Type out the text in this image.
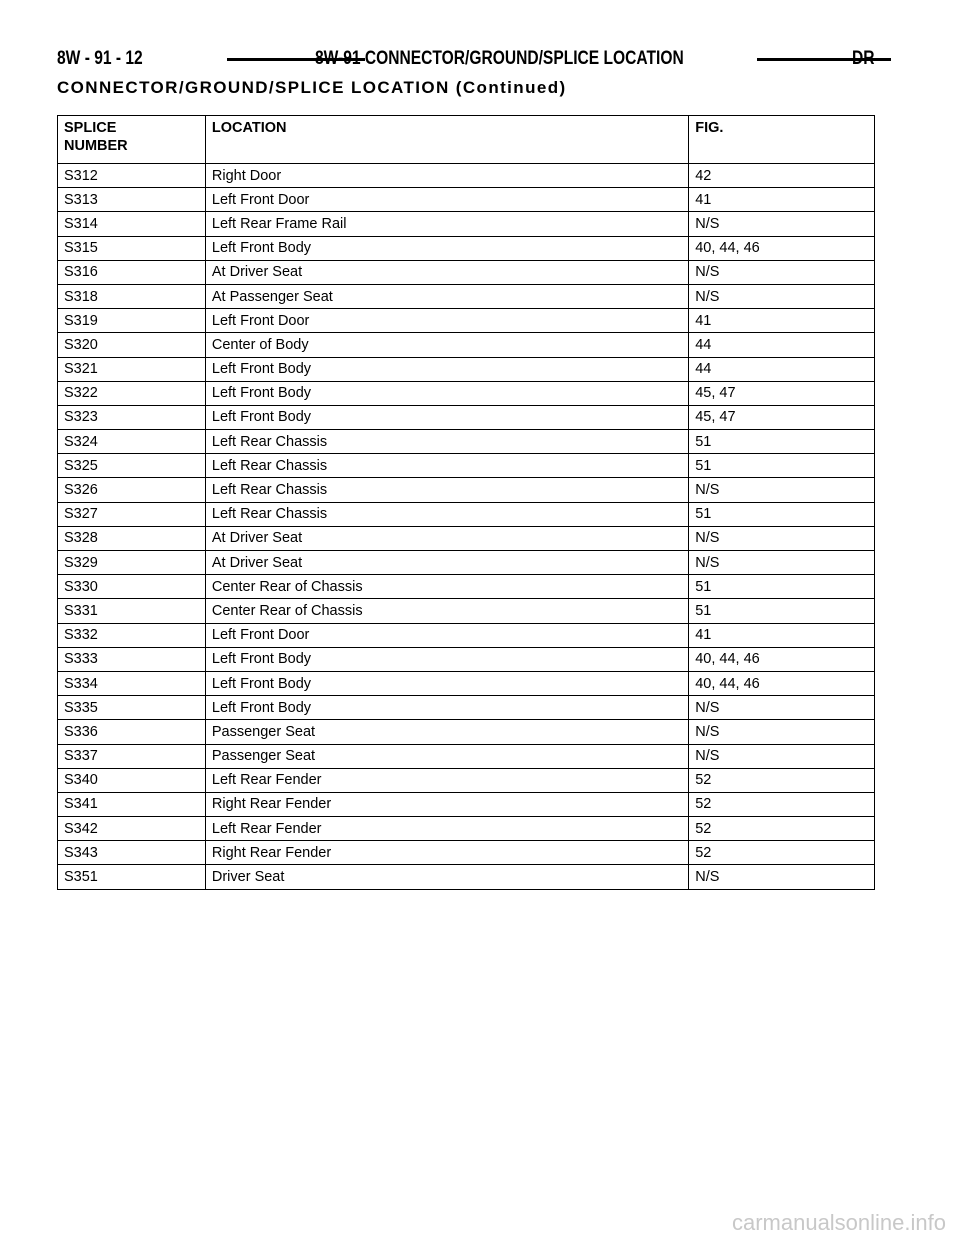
8W - 91 - 12	8W-91 CONNECTOR/GROUND/SPLICE LOCATION	DR
CONNECTOR/GROUND/SPLICE LOCATION (Continued)
SPLICE
NUMBER	LOCATION	FIG.
S312	Right Door	42
S313	Left Front Door	41
S314	Left Rear Frame Rail	N/S
S315	Left Front Body	40, 44, 46
S316	At Driver Seat	N/S
S318	At Passenger Seat	N/S
S319	Left Front Door	41
S320	Center of Body	44
S321	Left Front Body	44
S322	Left Front Body	45, 47
S323	Left Front Body	45, 47
S324	Left Rear Chassis	51
S325	Left Rear Chassis	51
S326	Left Rear Chassis	N/S
S327	Left Rear Chassis	51
S328	At Driver Seat	N/S
S329	At Driver Seat	N/S
S330	Center Rear of Chassis	51
S331	Center Rear of Chassis	51
S332	Left Front Door	41
S333	Left Front Body	40, 44, 46
S334	Left Front Body	40, 44, 46
S335	Left Front Body	N/S
S336	Passenger Seat	N/S
S337	Passenger Seat	N/S
S340	Left Rear Fender	52
S341	Right Rear Fender	52
S342	Left Rear Fender	52
S343	Right Rear Fender	52
S351	Driver Seat	N/S
carmanualsonline.info
